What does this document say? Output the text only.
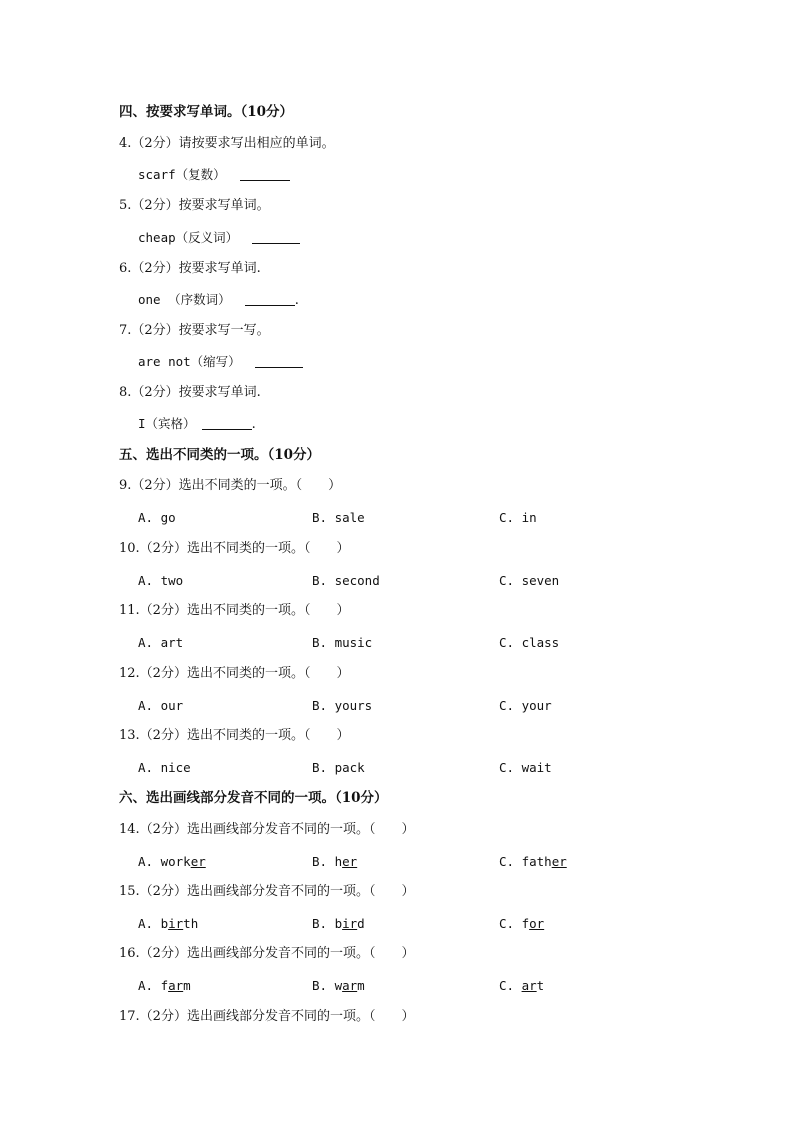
四、按要求写单词。（10分）
4.（2分）请按要求写出相应的单词。
scarf（复数）
5.（2分）按要求写单词。
cheap（反义词）
6.（2分）按要求写单词.
one （序数词）	.
7.（2分）按要求写一写。
are not（缩写）
8.（2分）按要求写单词.
I（宾格）	.
五、选出不同类的一项。（10分）
9.（2分）选出不同类的一项。（　　）
A. go	B. sale	C. in
10.（2分）选出不同类的一项。（　　）
A. two	B. second	C. seven
11.（2分）选出不同类的一项。（　　）
A. art	B. music	C. class
12.（2分）选出不同类的一项。（　　）
A. our	B. yours	C. your
13.（2分）选出不同类的一项。（　　）
A. nice	B. pack	C. wait
六、选出画线部分发音不同的一项。（10分）
14.（2分）选出画线部分发音不同的一项。（　　）
A. worker	B. her	C. father
15.（2分）选出画线部分发音不同的一项。（　　）
A. birth	B. bird	C. for
16.（2分）选出画线部分发音不同的一项。（　　）
A. farm	B. warm	C. art
17.（2分）选出画线部分发音不同的一项。（　　）
